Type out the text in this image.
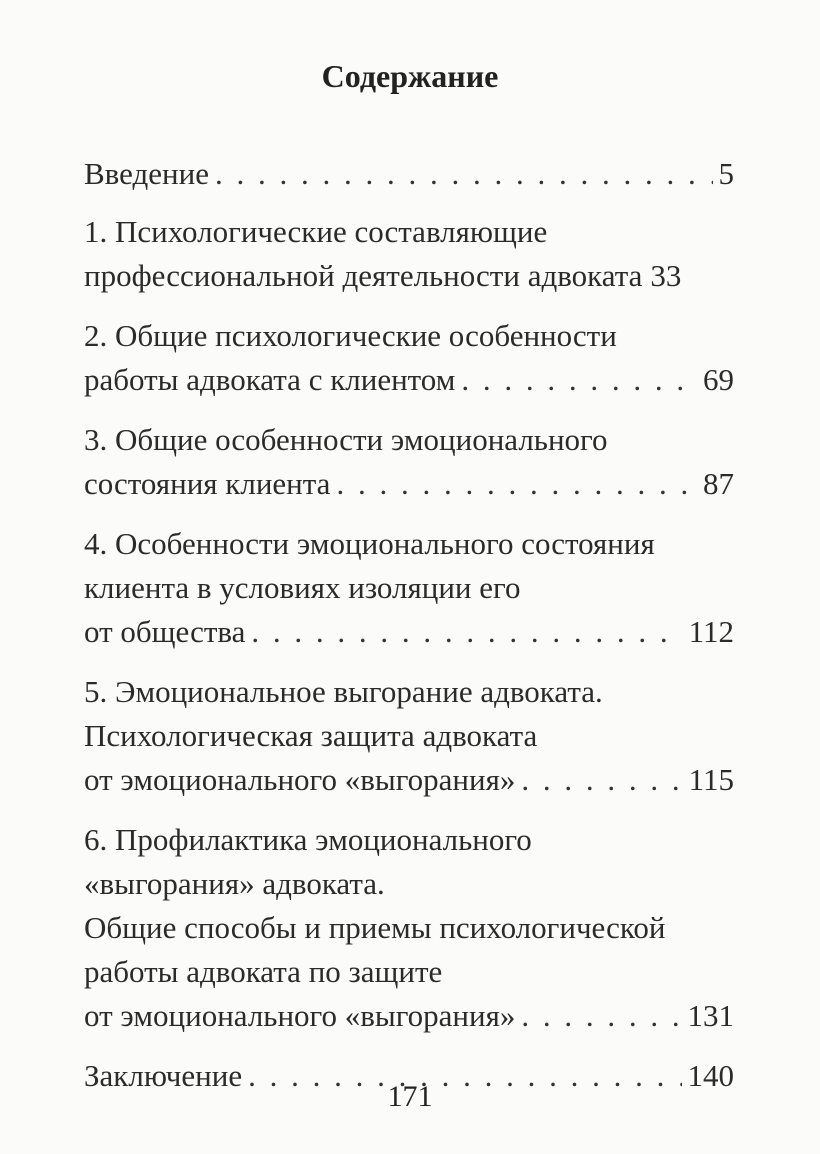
Содержание
Введение . . .	5
1. Психологические составляющие
профессиональной деятельности адвоката 33
2. Общие психологические особенности
работы адвоката с клиентом . . .	69
3. Общие особенности эмоционального
состояния клиента . . .	87
4. Особенности эмоционального состояния
клиента в условиях изоляции его
от общества . . .	112
5. Эмоциональное выгорание адвоката.
Психологическая защита адвоката
от эмоционального «выгорания» . . .	115
6. Профилактика эмоционального
«выгорания» адвоката.
Общие способы и приемы психологической
работы адвоката по защите
от эмоционального «выгорания» . . .	131
Заключение . . .	140
171
